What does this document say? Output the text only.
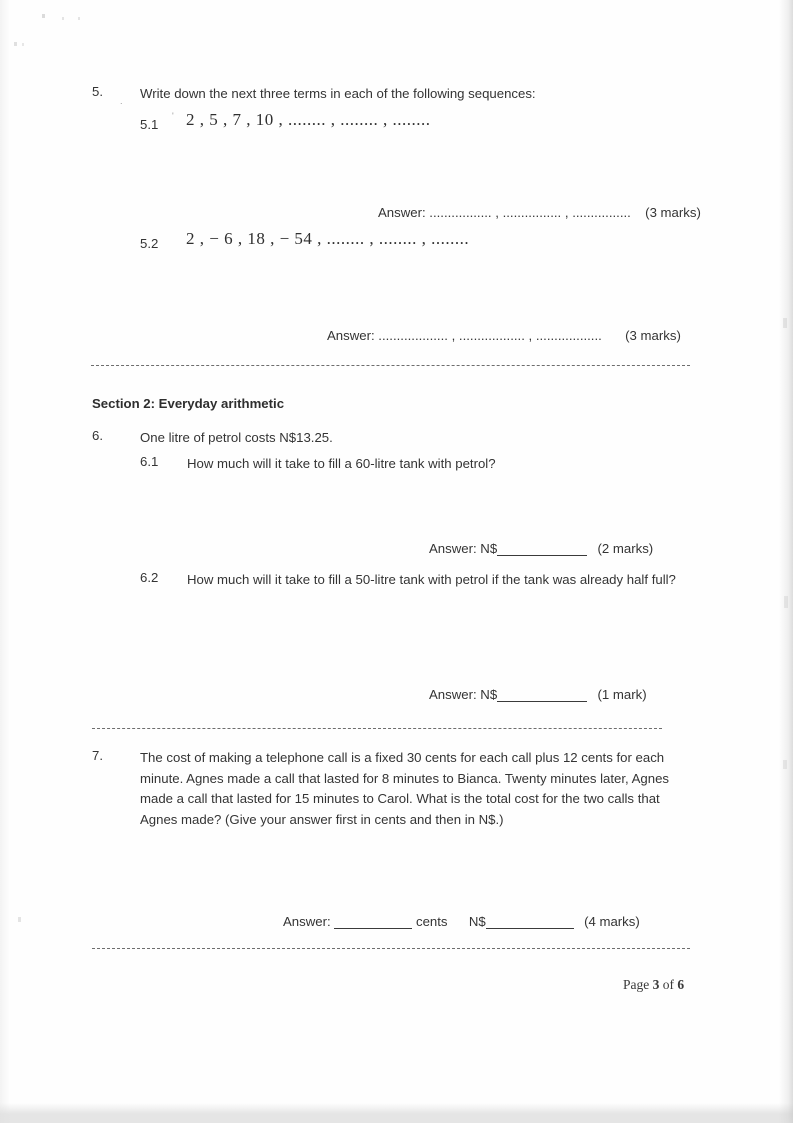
5.	Write down the next three terms in each of the following sequences:
.
5.1 2 , 5 , 7 , 10 , ........ , ........ , ........
'
Answer: ................. , ................ , ................ (3 marks)
5.2 2 , − 6 , 18 , − 54 , ........ , ........ , ........
Answer: ................... , .................. , .................. (3 marks)
Section 2: Everyday arithmetic
6.	One litre of petrol costs N$13.25.
6.1 How much will it take to fill a 60-litre tank with petrol?
Answer: N$	(2 marks)
6.2 How much will it take to fill a 50-litre tank with petrol if the tank was already half full?
Answer: N$	(1 mark)
7.	The cost of making a telephone call is a fixed 30 cents for each call plus 12 cents for each minute. Agnes made a call that lasted for 8 minutes to Bianca. Twenty minutes later, Agnes made a call that lasted for 15 minutes to Carol. What is the total cost for the two calls that Agnes made? (Give your answer first in cents and then in N$.)
Answer:	cents N$	(4 marks)
Page 3 of 6
